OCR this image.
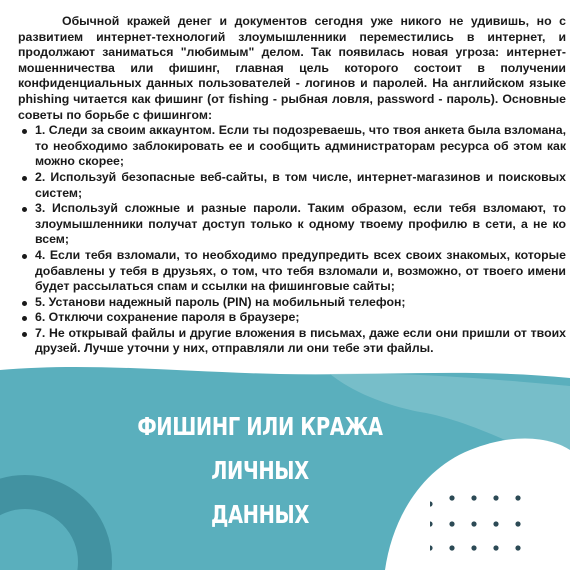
Обычной кражей денег и документов сегодня уже никого не удивишь, но с развитием интернет-технологий злоумышленники переместились в интернет, и продолжают заниматься "любимым" делом. Так появилась новая угроза: интернет-мошенничества или фишинг, главная цель которого состоит в получении конфиденциальных данных пользователей - логинов и паролей. На английском языке phishing читается как фишинг (от fishing - рыбная ловля, password - пароль). Основные советы по борьбе с фишингом:

1. Следи за своим аккаунтом. Если ты подозреваешь, что твоя анкета была взломана, то необходимо заблокировать ее и сообщить администраторам ресурса об этом как можно скорее;
2. Используй безопасные веб-сайты, в том числе, интернет-магазинов и поисковых систем;
3. Используй сложные и разные пароли. Таким образом, если тебя взломают, то злоумышленники получат доступ только к одному твоему профилю в сети, а не ко всем;
4. Если тебя взломали, то необходимо предупредить всех своих знакомых, которые добавлены у тебя в друзьях, о том, что тебя взломали и, возможно, от твоего имени будет рассылаться спам и ссылки на фишинговые сайты;
5. Установи надежный пароль (PIN) на мобильный телефон;
6. Отключи сохранение пароля в браузере;
7. Не открывай файлы и другие вложения в письмах, даже если они пришли от твоих друзей. Лучше уточни у них, отправляли ли они тебе эти файлы.
ФИШИНГ ИЛИ КРАЖА ЛИЧНЫХ
ДАННЫХ
